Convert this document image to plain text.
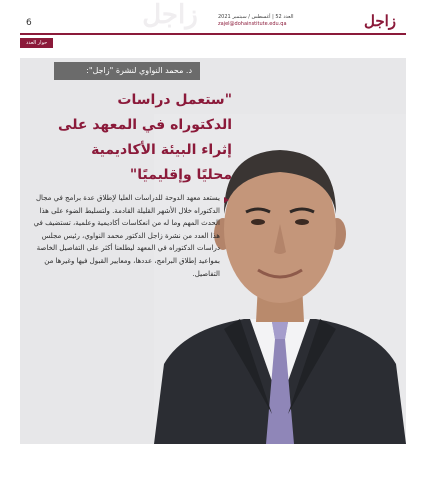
زاجل
6
العدد 52 | أغسطس / سبتمبر 2021
zajel@dohainstitute.edu.qa	زاجل
حوار العدد
د. محمد النواوي لنشرة "زاجل":
"ستعمل دراسات الدكتوراه في المعهد على إثراء البيئة الأكاديمية محليًا وإقليميًا"
يستعد معهد الدوحة للدراسات العليا لإطلاق عدة برامج في مجال الدكتوراه خلال الأشهر القليلة القادمة. ولتسليط الضوء على هذا الحدث المهم وما له من انعكاسات أكاديمية وعلمية، تستضيف في هذا العدد من نشرة زاجل الدكتور محمد النواوي، رئيس مجلس دراسات الدكتوراه في المعهد ليطلعنا أكثر على التفاصيل الخاصة بمواعيد إطلاق البرامج، عددها، ومعايير القبول فيها وغيرها من التفاصيل.
